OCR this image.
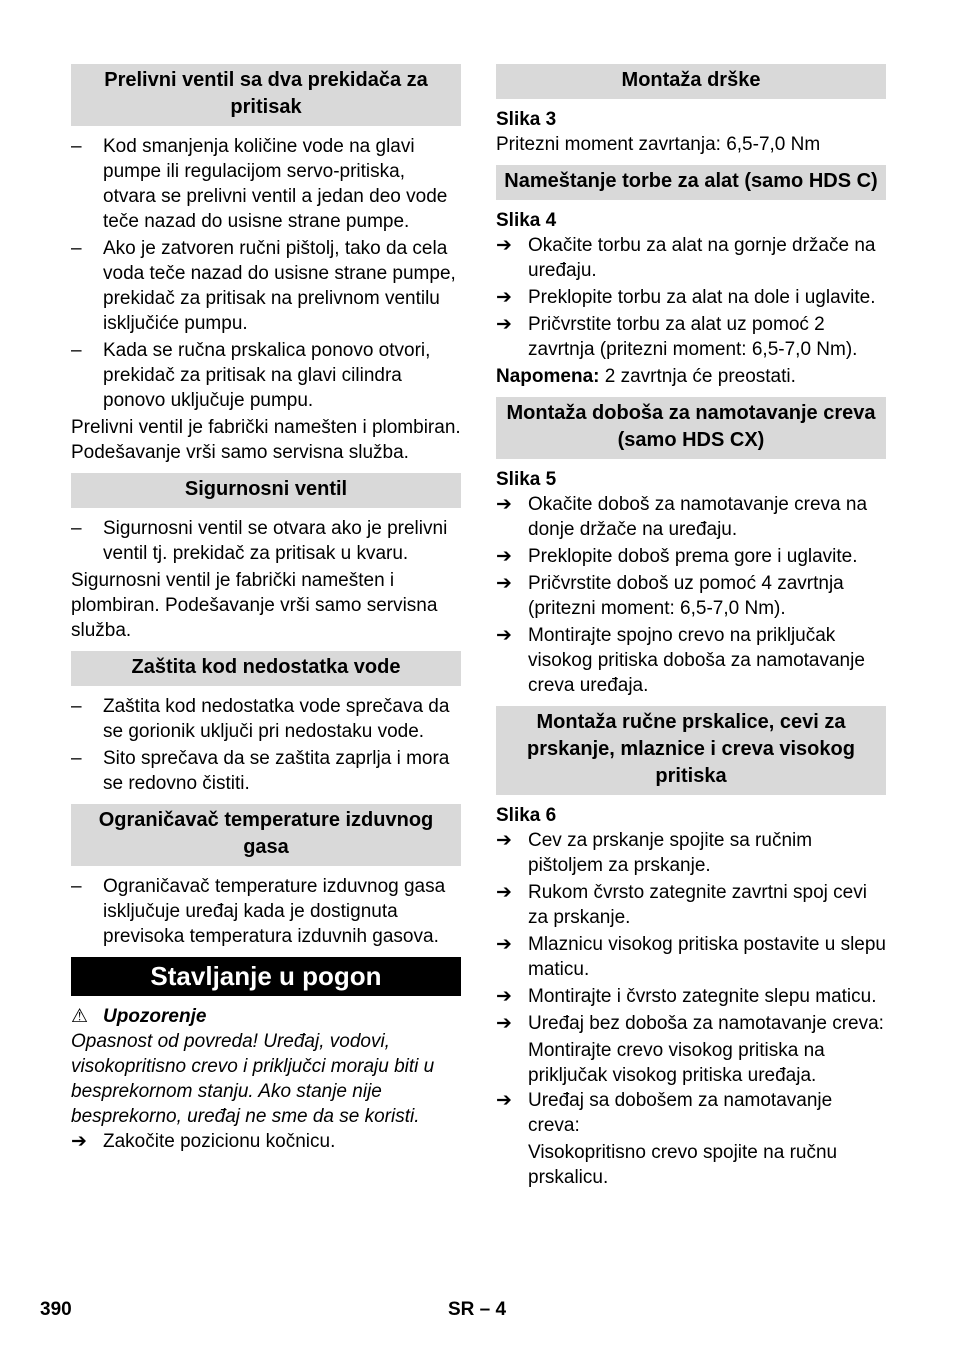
Prelivni ventil sa dva prekidača za pritisak
–	Kod smanjenja količine vode na glavi pumpe ili regulacijom servo-pritiska, otvara se prelivni ventil a jedan deo vode teče nazad do usisne strane pumpe.
–	Ako je zatvoren ručni pištolj, tako da cela voda teče nazad do usisne strane pumpe, prekidač za pritisak na prelivnom ventilu isključiće pumpu.
–	Kada se ručna prskalica ponovo otvori, prekidač za pritisak na glavi cilindra ponovo uključuje pumpu.
Prelivni ventil je fabrički namešten i plombiran. Podešavanje vrši samo servisna služba.
Sigurnosni ventil
–	Sigurnosni ventil se otvara ako je prelivni ventil tj. prekidač za pritisak u kvaru.
Sigurnosni ventil je fabrički namešten i plombiran. Podešavanje vrši samo servisna služba.
Zaštita kod nedostatka vode
–	Zaštita kod nedostatka vode sprečava da se gorionik uključi pri nedostaku vode.
–	Sito sprečava da se zaštita zaprlja i mora se redovno čistiti.
Ograničavač temperature izduvnog gasa
–	Ograničavač temperature izduvnog gasa isključuje uređaj kada je dostignuta previsoka temperatura izduvnih gasova.
Stavljanje u pogon
⚠ Upozorenje
Opasnost od povreda! Uređaj, vodovi, visokopritisno crevo i priključci moraju biti u besprekornom stanju. Ako stanje nije besprekorno, uređaj ne sme da se koristi.
➔ Zakočite pozicionu kočnicu.
Montaža drške
Slika 3
Pritezni moment zavrtanja: 6,5-7,0 Nm
Nameštanje torbe za alat (samo HDS C)
Slika 4
➔ Okačite torbu za alat na gornje držače na uređaju.
➔ Preklopite torbu za alat na dole i uglavite.
➔ Pričvrstite torbu za alat uz pomoć 2 zavrtnja (pritezni moment: 6,5-7,0 Nm).
Napomena: 2 zavrtnja će preostati.
Montaža doboša za namotavanje creva (samo HDS CX)
Slika 5
➔ Okačite doboš za namotavanje creva na donje držače na uređaju.
➔ Preklopite doboš prema gore i uglavite.
➔ Pričvrstite doboš uz pomoć 4 zavrtnja (pritezni moment: 6,5-7,0 Nm).
➔ Montirajte spojno crevo na priključak visokog pritiska doboša za namotavanje creva uređaja.
Montaža ručne prskalice, cevi za prskanje, mlaznice i creva visokog pritiska
Slika 6
➔ Cev za prskanje spojite sa ručnim pištoljem za prskanje.
➔ Rukom čvrsto zategnite zavrtni spoj cevi za prskanje.
➔ Mlaznicu visokog pritiska postavite u slepu maticu.
➔ Montirajte i čvrsto zategnite slepu maticu.
➔ Uređaj bez doboša za namotavanje creva:
Montirajte crevo visokog pritiska na priključak visokog pritiska uređaja.
➔ Uređaj sa dobošem za namotavanje creva:
Visokopritisno crevo spojite na ručnu prskalicu.
390	SR – 4
